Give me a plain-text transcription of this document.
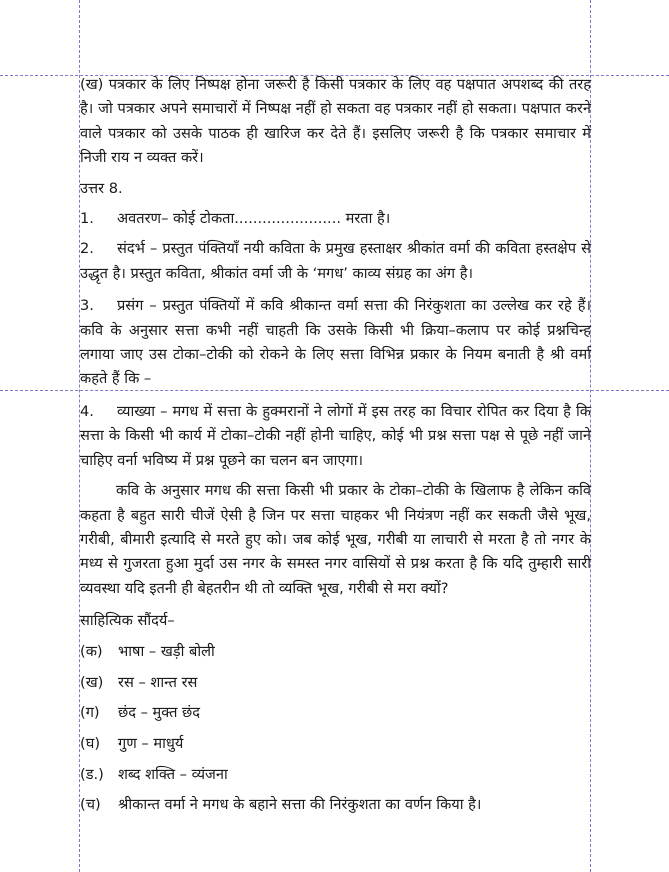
(ख) पत्रकार के लिए निष्पक्ष होना जरूरी है किसी पत्रकार के लिए वह पक्षपात अपशब्द की तरह है। जो पत्रकार अपने समाचारों में निष्पक्ष नहीं हो सकता वह पत्रकार नहीं हो सकता। पक्षपात करने वाले पत्रकार को उसके पाठक ही खारिज कर देते हैं। इसलिए जरूरी है कि पत्रकार समाचार में निजी राय न व्यक्त करें।

उत्तर 8.

1.	अवतरण– कोई टोकता....................... मरता है।
2. संदर्भ – प्रस्तुत पंक्तियाँ नयी कविता के प्रमुख हस्ताक्षर श्रीकांत वर्मा की कविता हस्तक्षेप से उद्धृत है। प्रस्तुत कविता, श्रीकांत वर्मा जी के ‘मगध’ काव्य संग्रह का अंग है।
3. प्रसंग – प्रस्तुत पंक्तियों में कवि श्रीकान्त वर्मा सत्ता की निरंकुशता का उल्लेख कर रहे हैं। कवि के अनुसार सत्ता कभी नहीं चाहती कि उसके किसी भी क्रिया–कलाप पर कोई प्रश्नचिन्ह लगाया जाए उस टोका–टोकी को रोकने के लिए सत्ता विभिन्न प्रकार के नियम बनाती है श्री वर्मा कहते हैं कि –
4. व्याख्या – मगध में सत्ता के हुक्मरानों ने लोगों में इस तरह का विचार रोपित कर दिया है कि सत्ता के किसी भी कार्य में टोका–टोकी नहीं होनी चाहिए, कोई भी प्रश्न सत्ता पक्ष से पूछे नहीं जाने चाहिए वर्ना भविष्य में प्रश्न पूछने का चलन बन जाएगा।

कवि के अनुसार मगध की सत्ता किसी भी प्रकार के टोका–टोकी के खिलाफ है लेकिन कवि कहता है बहुत सारी चीजें ऐसी है जिन पर सत्ता चाहकर भी नियंत्रण नहीं कर सकती जैसे भूख, गरीबी, बीमारी इत्यादि से मरते हुए को। जब कोई भूख, गरीबी या लाचारी से मरता है तो नगर के मध्य से गुजरता हुआ मुर्दा उस नगर के समस्त नगर वासियों से प्रश्न करता है कि यदि तुम्हारी सारी व्यवस्था यदि इतनी ही बेहतरीन थी तो व्यक्ति भूख, गरीबी से मरा क्यों?

साहित्यिक सौंदर्य–

(क)	भाषा – खड़ी बोली
(ख)	रस – शान्त रस
(ग)	छंद – मुक्त छंद
(घ)	गुण – माधुर्य
(ड.) शब्द शक्ति – व्यंजना
(च)	श्रीकान्त वर्मा ने मगध के बहाने सत्ता की निरंकुशता का वर्णन किया है।
